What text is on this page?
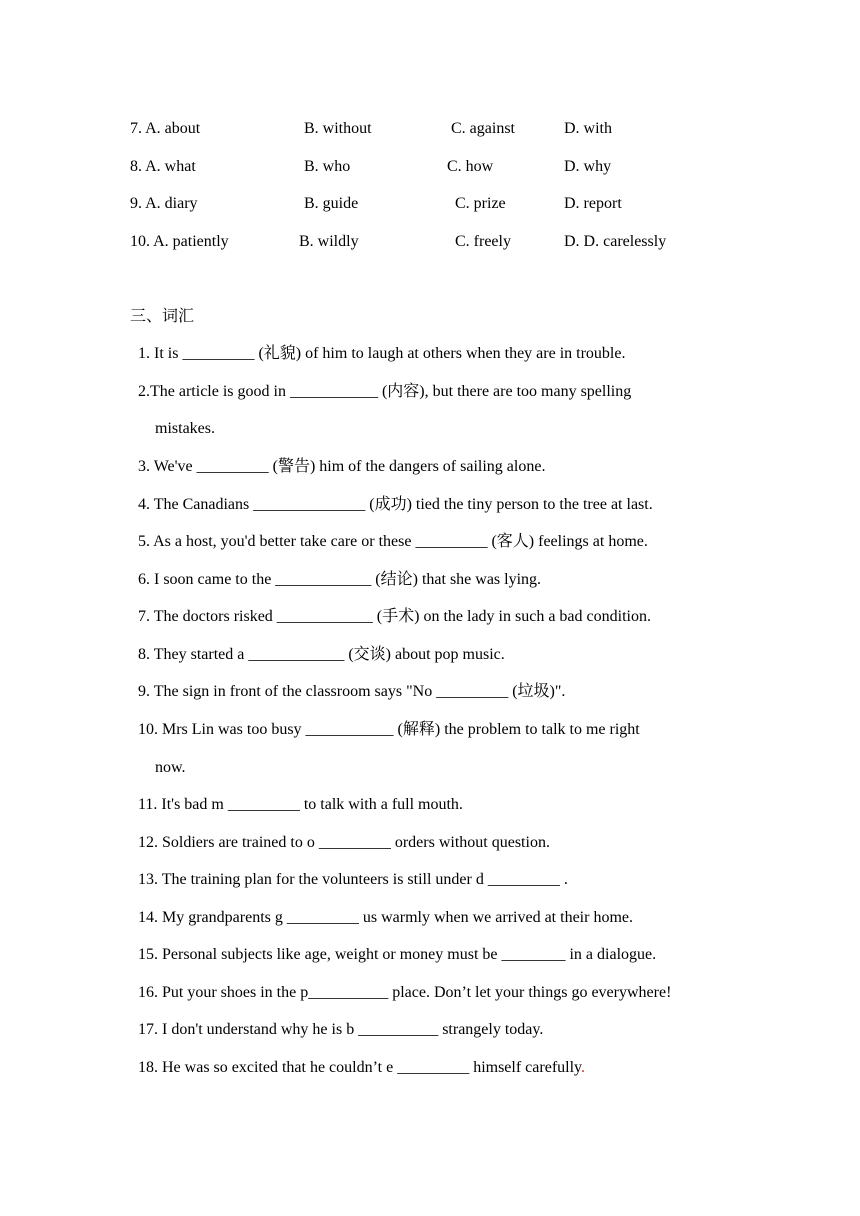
7. A. about	B. without	C. against	D. with
8. A. what	B. who	C. how	D. why
9. A. diary	B. guide	C. prize	D. report
10. A. patiently	B. wildly	C. freely	D. D. carelessly
三、词汇
1. It is _________ (礼貌) of him to laugh at others when they are in trouble.
2.The article is good in ___________ (内容), but there are too many spelling
mistakes.
3. We've _________ (警告) him of the dangers of sailing alone.
4. The Canadians ______________ (成功) tied the tiny person to the tree at last.
5. As a host, you'd better take care or these _________ (客人) feelings at home.
6. I soon came to the ____________ (结论) that she was lying.
7. The doctors risked ____________ (手术) on the lady in such a bad condition.
8. They started a ____________ (交谈) about pop music.
9. The sign in front of the classroom says "No _________ (垃圾)".
10. Mrs Lin was too busy ___________ (解释) the problem to talk to me right
now.
11. It's bad m _________ to talk with a full mouth.
12. Soldiers are trained to o _________ orders without question.
13. The training plan for the volunteers is still under d _________ .
14. My grandparents g _________ us warmly when we arrived at their home.
15. Personal subjects like age, weight or money must be ________ in a dialogue.
16. Put your shoes in the p__________ place. Don’t let your things go everywhere!
17. I don't understand why he is b __________ strangely today.
18. He was so excited that he couldn’t e _________ himself carefully.
